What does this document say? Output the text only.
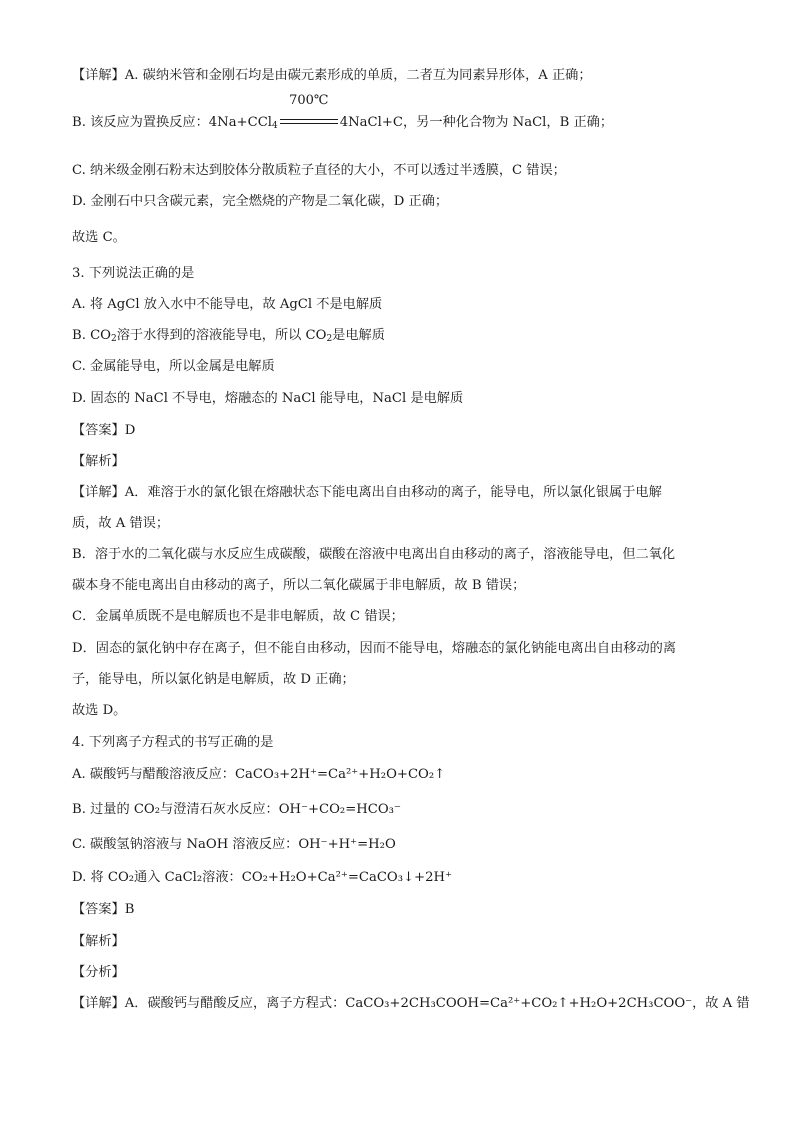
【详解】A. 碳纳米管和金刚石均是由碳元素形成的单质，二者互为同素异形体，A 正确；
B. 该反应为置换反应：4Na+CCl$_4$
700℃
4NaCl+C，另一种化合物为 NaCl，B 正确；
C. 纳米级金刚石粉末达到胶体分散质粒子直径的大小，不可以透过半透膜，C 错误；
D. 金刚石中只含碳元素，完全燃烧的产物是二氧化碳，D 正确；
故选 C。
3. 下列说法正确的是
A. 将 AgCl 放入水中不能导电，故 AgCl 不是电解质
B. $CO_2$溶于水得到的溶液能导电，所以 $CO_2$是电解质
C. 金属能导电，所以金属是电解质
D. 固态的 NaCl 不导电，熔融态的 NaCl 能导电，NaCl 是电解质
【答案】D
【解析】
【详解】A．难溶于水的氯化银在熔融状态下能电离出自由移动的离子，能导电，所以氯化银属于电解
质，故 A 错误；
B．溶于水的二氧化碳与水反应生成碳酸，碳酸在溶液中电离出自由移动的离子，溶液能导电，但二氧化
碳本身不能电离出自由移动的离子，所以二氧化碳属于非电解质，故 B 错误；
C．金属单质既不是电解质也不是非电解质，故 C 错误；
D．固态的氯化钠中存在离子，但不能自由移动，因而不能导电，熔融态的氯化钠能电离出自由移动的离
子，能导电，所以氯化钠是电解质，故 D 正确；
故选 D。
4. 下列离子方程式的书写正确的是
A. 碳酸钙与醋酸溶液反应：CaCO₃+2H⁺=Ca²⁺+H₂O+CO₂↑
B. 过量的 CO₂与澄清石灰水反应：OH⁻+CO₂=HCO₃⁻
C. 碳酸氢钠溶液与 NaOH 溶液反应：OH⁻+H⁺=H₂O
D. 将 CO₂通入 CaCl₂溶液：CO₂+H₂O+Ca²⁺=CaCO₃↓+2H⁺
【答案】B
【解析】
【分析】
【详解】A．碳酸钙与醋酸反应，离子方程式：CaCO₃+2CH₃COOH=Ca²⁺+CO₂↑+H₂O+2CH₃COO⁻，故 A 错
